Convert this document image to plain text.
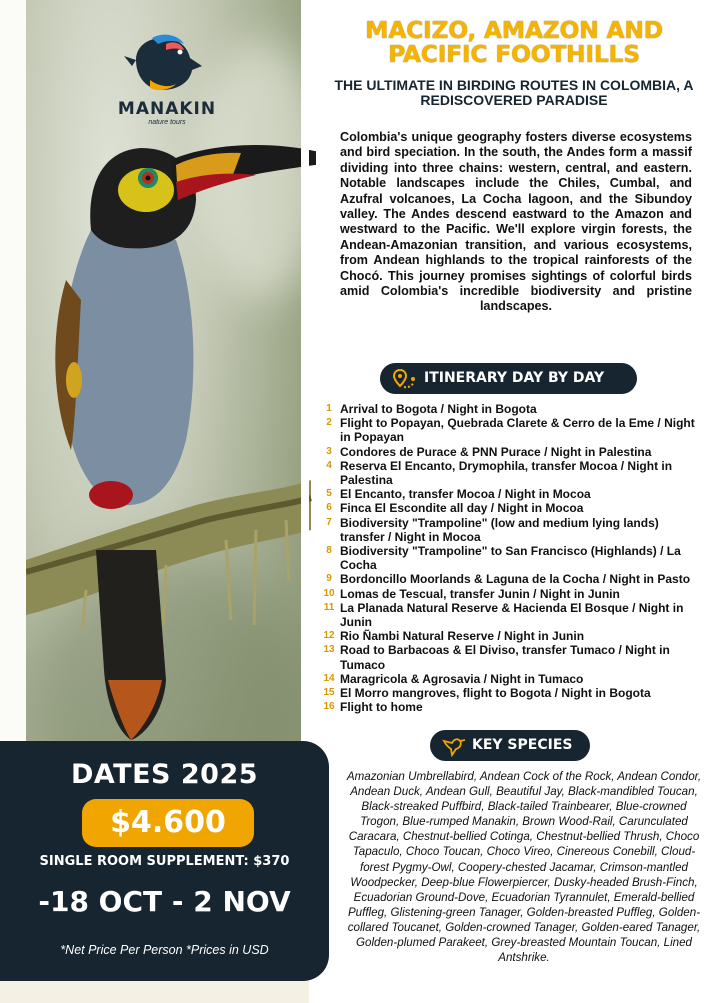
MANAKIN
nature tours
MACIZO, AMAZON AND PACIFIC FOOTHILLS
THE ULTIMATE IN BIRDING ROUTES IN COLOMBIA, A REDISCOVERED PARADISE
Colombia's unique geography fosters diverse ecosystems and bird speciation. In the south, the Andes form a massif dividing into three chains: western, central, and eastern. Notable landscapes include the Chiles, Cumbal, and Azufral volcanoes, La Cocha lagoon, and the Sibundoy valley. The Andes descend eastward to the Amazon and westward to the Pacific. We'll explore virgin forests, the Andean-Amazonian transition, and various ecosystems, from Andean highlands to the tropical rainforests of the Chocó. This journey promises sightings of colorful birds amid Colombia's incredible biodiversity and pristine landscapes.
ITINERARY DAY BY DAY
1 Arrival to Bogota / Night in Bogota
2 Flight to Popayan, Quebrada Clarete & Cerro de la Eme / Night in Popayan
3 Condores de Purace & PNN Purace / Night in Palestina
4 Reserva El Encanto, Drymophila, transfer Mocoa / Night in Palestina
5 El Encanto, transfer Mocoa / Night in Mocoa
6 Finca El Escondite all day / Night in Mocoa
7 Biodiversity "Trampoline" (low and medium lying lands) transfer / Night in Mocoa
8 Biodiversity "Trampoline" to San Francisco (Highlands) / La Cocha
9 Bordoncillo Moorlands & Laguna de la Cocha / Night in Pasto
10 Lomas de Tescual, transfer Junin / Night in Junin
11 La Planada Natural Reserve & Hacienda El Bosque / Night in Junin
12 Rio Ñambi Natural Reserve / Night in Junin
13 Road to Barbacoas & El Diviso, transfer Tumaco / Night in Tumaco
14 Maragricola & Agrosavia / Night in Tumaco
15 El Morro mangroves, flight to Bogota / Night in Bogota
16 Flight to home
KEY SPECIES
Amazonian Umbrellabird, Andean Cock of the Rock, Andean Condor, Andean Duck, Andean Gull, Beautiful Jay, Black-mandibled Toucan, Black-streaked Puffbird, Black-tailed Trainbearer, Blue-crowned Trogon, Blue-rumped Manakin, Brown Wood-Rail, Carunculated Caracara, Chestnut-bellied Cotinga, Chestnut-bellied Thrush, Choco Tapaculo, Choco Toucan, Choco Vireo, Cinereous Conebill, Cloud-forest Pygmy-Owl, Coopery-chested Jacamar, Crimson-mantled Woodpecker, Deep-blue Flowerpiercer, Dusky-headed Brush-Finch, Ecuadorian Ground-Dove, Ecuadorian Tyrannulet, Emerald-bellied Puffleg, Glistening-green Tanager, Golden-breasted Puffleg, Golden-collared Toucanet, Golden-crowned Tanager, Golden-eared Tanager, Golden-plumed Parakeet, Grey-breasted Mountain Toucan, Lined Antshrike.
DATES 2025
$4.600
SINGLE ROOM SUPPLEMENT: $370
-18 OCT - 2 NOV
*Net Price Per Person *Prices in USD
